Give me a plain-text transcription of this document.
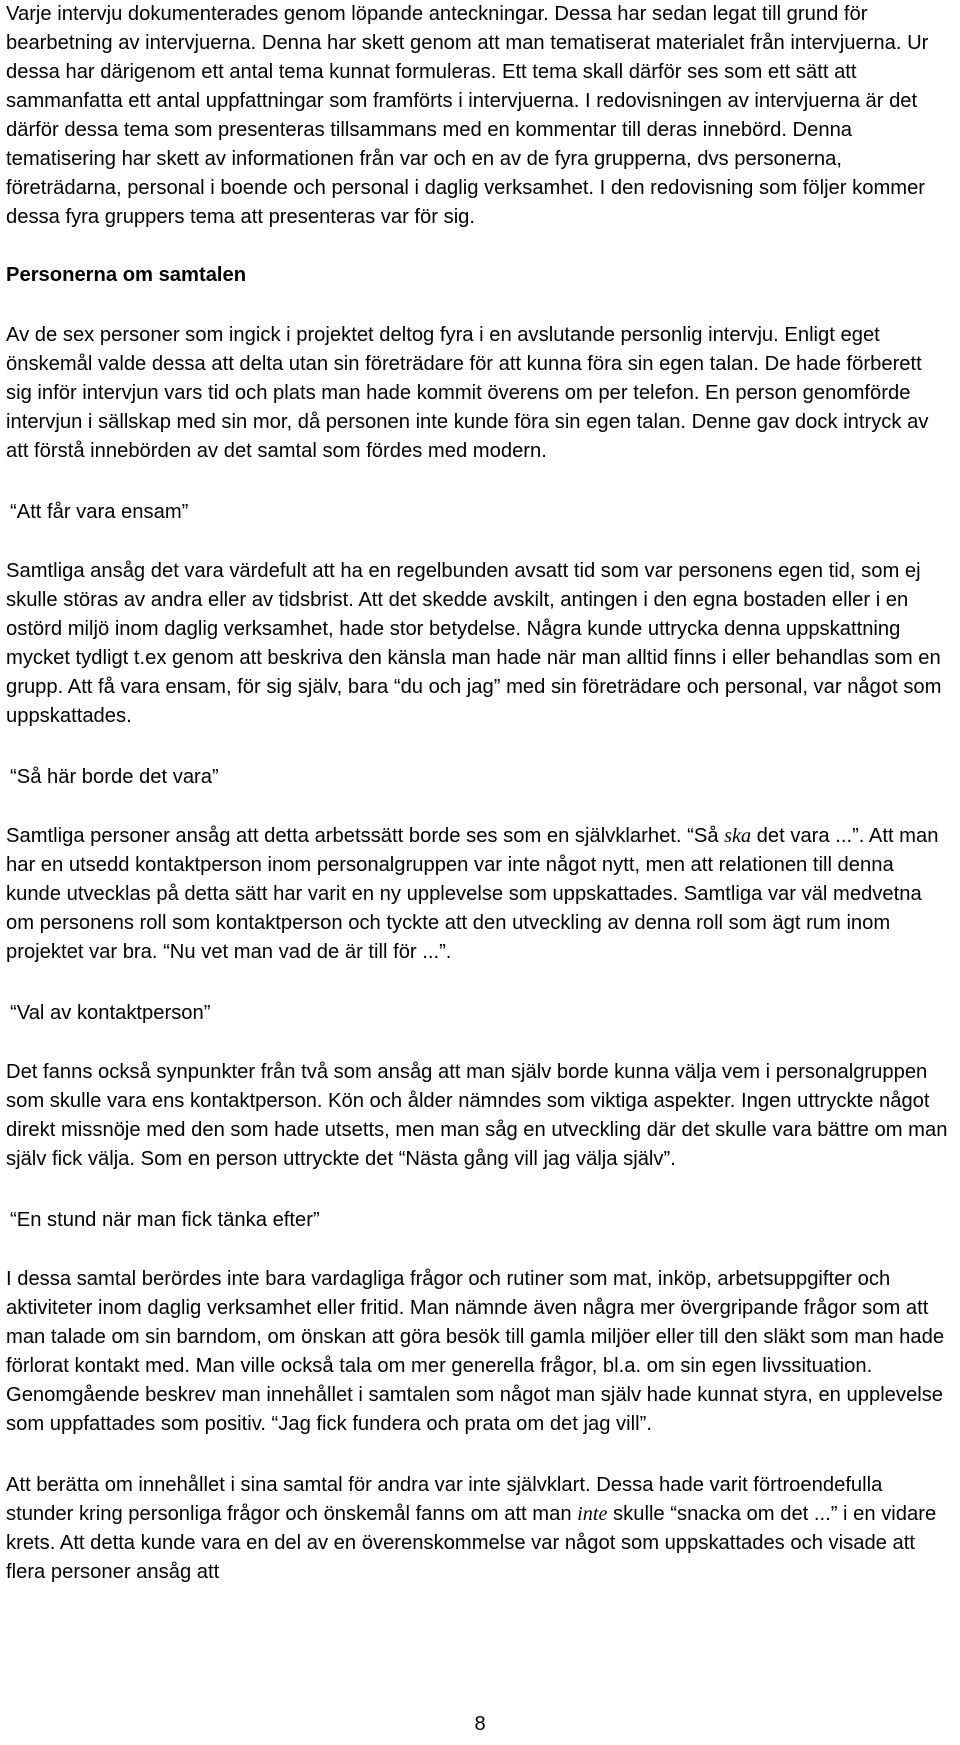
Varje intervju dokumenterades genom löpande anteckningar. Dessa har sedan legat till grund för bearbetning av intervjuerna. Denna har skett genom att man tematiserat materialet från intervjuerna. Ur dessa har därigenom ett antal tema kunnat formuleras. Ett tema skall därför ses som ett sätt att sammanfatta ett antal uppfattningar som framförts i intervjuerna. I redovisningen av intervjuerna är det därför dessa tema som presenteras tillsammans med en kommentar till deras innebörd. Denna tematisering har skett av informationen från var och en av de fyra grupperna, dvs personerna, företrädarna, personal i boende och personal i daglig verksamhet. I den redovisning som följer kommer dessa fyra gruppers tema att presenteras var för sig.

Personerna om samtalen

Av de sex personer som ingick i projektet deltog fyra i en avslutande personlig intervju. Enligt eget önskemål valde dessa att delta utan sin företrädare för att kunna föra sin egen talan. De hade förberett sig inför intervjun vars tid och plats man hade kommit överens om per telefon. En person genomförde intervjun i sällskap med sin mor, då personen inte kunde föra sin egen talan. Denne gav dock intryck av att förstå innebörden av det samtal som fördes med modern.

“Att får vara ensam”

Samtliga ansåg det vara värdefult att ha en regelbunden avsatt tid som var personens egen tid, som ej skulle störas av andra eller av tidsbrist. Att det skedde avskilt, antingen i den egna bostaden eller i en ostörd miljö inom daglig verksamhet, hade stor betydelse. Några kunde uttrycka denna uppskattning mycket tydligt t.ex genom att beskriva den känsla man hade när man alltid finns i eller behandlas som en grupp. Att få vara ensam, för sig själv, bara “du och jag” med sin företrädare och personal, var något som uppskattades.

“Så här borde det vara”

Samtliga personer ansåg att detta arbetssätt borde ses som en självklarhet. “Så ska det vara ...”. Att man har en utsedd kontaktperson inom personalgruppen var inte något nytt, men att relationen till denna kunde utvecklas på detta sätt har varit en ny upplevelse som uppskattades. Samtliga var väl medvetna om personens roll som kontaktperson och tyckte att den utveckling av denna roll som ägt rum inom projektet var bra. “Nu vet man vad de är till för ...”.

“Val av kontaktperson”

Det fanns också synpunkter från två som ansåg att man själv borde kunna välja vem i personalgruppen som skulle vara ens kontaktperson. Kön och ålder nämndes som viktiga aspekter. Ingen uttryckte något direkt missnöje med den som hade utsetts, men man såg en utveckling där det skulle vara bättre om man själv fick välja. Som en person uttryckte det “Nästa gång vill jag välja själv”.

“En stund när man fick tänka efter”

I dessa samtal berördes inte bara vardagliga frågor och rutiner som mat, inköp, arbetsuppgifter och aktiviteter inom daglig verksamhet eller fritid. Man nämnde även några mer övergripande frågor som att man talade om sin barndom, om önskan att göra besök till gamla miljöer eller till den släkt som man hade förlorat kontakt med. Man ville också tala om mer generella frågor, bl.a. om sin egen livssituation. Genomgående beskrev man innehållet i samtalen som något man själv hade kunnat styra, en upplevelse som uppfattades som positiv. “Jag fick fundera och prata om det jag vill”.

Att berätta om innehållet i sina samtal för andra var inte självklart. Dessa hade varit förtroendefulla stunder kring personliga frågor och önskemål fanns om att man inte skulle “snacka om det ...” i en vidare krets. Att detta kunde vara en del av en överenskommelse var något som uppskattades och visade att flera personer ansåg att

8
